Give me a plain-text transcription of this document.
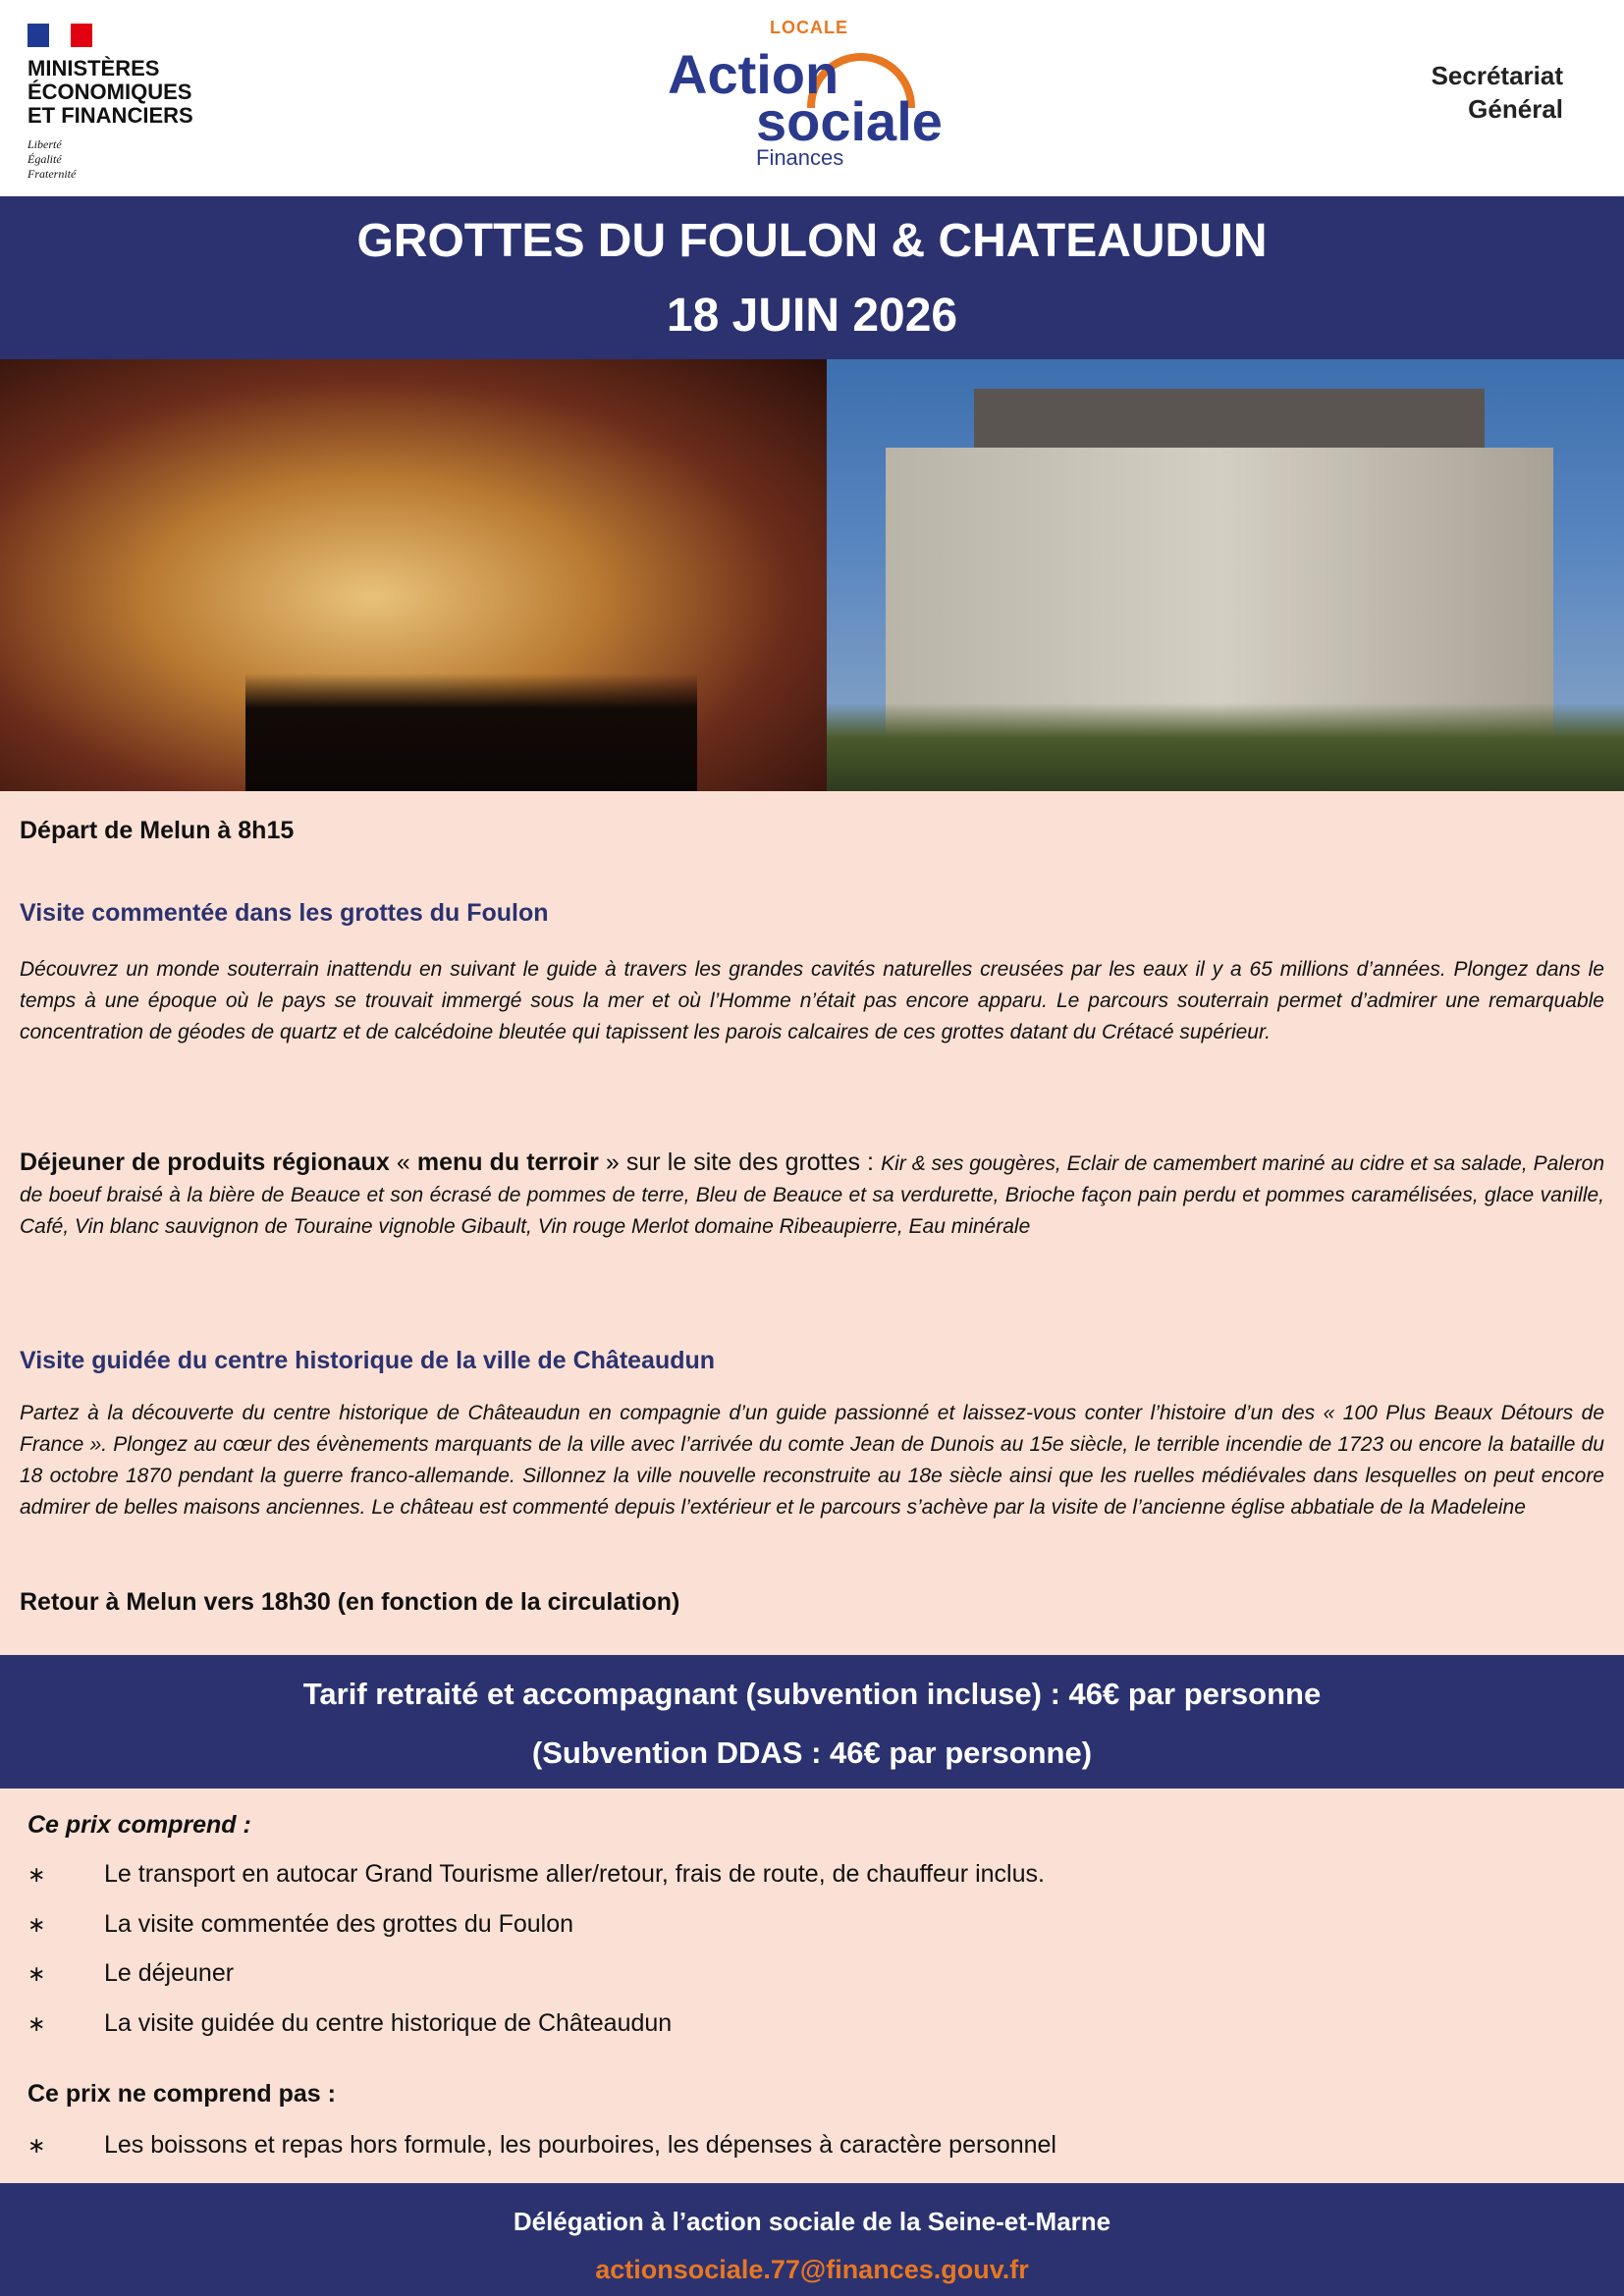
MINISTÈRES
ÉCONOMIQUES
ET FINANCIERS
Liberté
Égalité
Fraternité
LOCALE
Action
sociale
Finances
Secrétariat
Général
GROTTES DU FOULON & CHATEAUDUN
18 JUIN 2026
Départ de Melun à 8h15
Visite commentée dans les grottes du Foulon
Découvrez un monde souterrain inattendu en suivant le guide à travers les grandes cavités naturelles creusées par les eaux il y a 65 millions d’années. Plongez dans le temps à une époque où le pays se trouvait immergé sous la mer et où l’Homme n’était pas encore apparu. Le parcours souterrain permet d’admirer une remarquable concentration de géodes de quartz et de calcédoine bleutée qui tapissent les parois calcaires de ces grottes datant du Crétacé supérieur.
Déjeuner de produits régionaux « menu du terroir » sur le site des grottes : Kir & ses gougères, Eclair de camembert mariné au cidre et sa salade, Paleron de boeuf braisé à la bière de Beauce et son écrasé de pommes de terre, Bleu de Beauce et sa verdurette, Brioche façon pain perdu et pommes caramélisées, glace vanille, Café, Vin blanc sauvignon de Touraine vignoble Gibault, Vin rouge Merlot domaine Ribeaupierre, Eau minérale
Visite guidée du centre historique de la ville de Châteaudun
Partez à la découverte du centre historique de Châteaudun en compagnie d’un guide passionné et laissez-vous conter l’histoire d’un des « 100 Plus Beaux Détours de France ». Plongez au cœur des évènements marquants de la ville avec l’arrivée du comte Jean de Dunois au 15e siècle, le terrible incendie de 1723 ou encore la bataille du 18 octobre 1870 pendant la guerre franco-allemande. Sillonnez la ville nouvelle reconstruite au 18e siècle ainsi que les ruelles médiévales dans lesquelles on peut encore admirer de belles maisons anciennes. Le château est commenté depuis l’extérieur et le parcours s’achève par la visite de l’ancienne église abbatiale de la Madeleine
Retour à Melun vers 18h30 (en fonction de la circulation)
Tarif retraité et accompagnant (subvention incluse) : 46€ par personne
(Subvention DDAS : 46€ par personne)
Ce prix comprend :
∗ Le transport en autocar Grand Tourisme aller/retour, frais de route, de chauffeur inclus.
∗ La visite commentée des grottes du Foulon
∗ Le déjeuner
∗ La visite guidée du centre historique de Châteaudun
Ce prix ne comprend pas :
∗ Les boissons et repas hors formule, les pourboires, les dépenses à caractère personnel
Délégation à l’action sociale de la Seine-et-Marne
actionsociale.77@finances.gouv.fr
